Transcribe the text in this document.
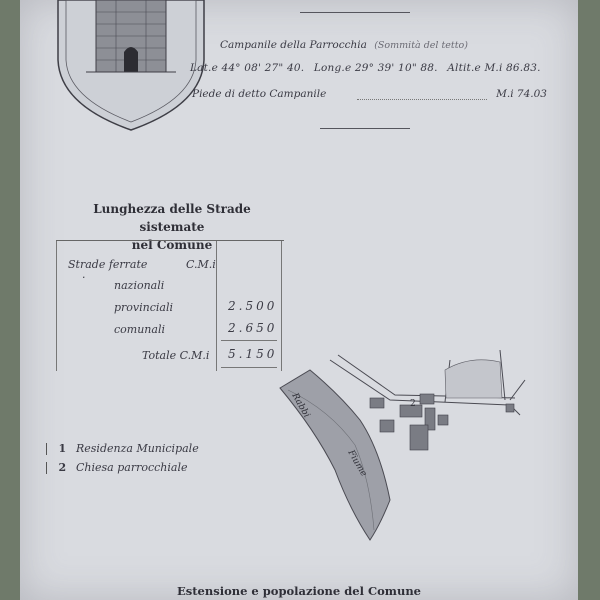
Campanile della Parrocchia (Sommità del tetto)
Lat.e 44° 08' 27" 40. Long.e 29° 39' 10" 88. Altit.e M.i 86.83.
Piede di detto Campanile	M.i 74.03
Lunghezza delle Strade sistemate
nel Comune
Strade ferrate	C.M.i
·
nazionali
provinciali	2.500
comunali	2.650
Totale C.M.i 5.150
1 Residenza Municipale
2 Chiesa parrocchiale
2
Rabbi
Fiume
Estensione e popolazione del Comune
